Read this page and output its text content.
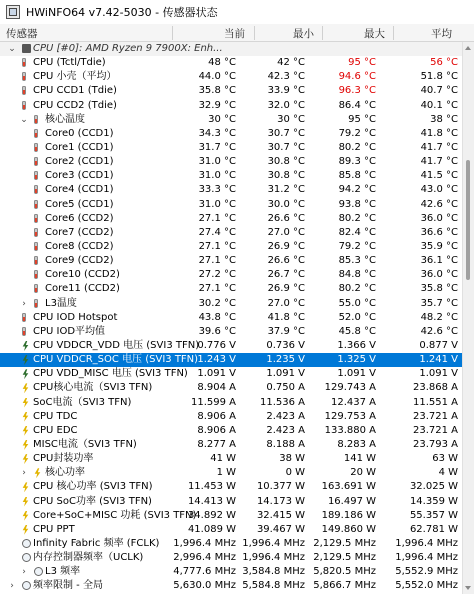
HWiNFO64 v7.42-5030 - 传感器状态
传感器	当前	最小	最大	平均
⌄ CPU [#0]: AMD Ryzen 9 7900X: Enh...
CPU (Tctl/Tdie)	48 °C	42 °C	95 °C	56 °C
CPU 小壳（平均）	44.0 °C	42.3 °C	94.6 °C	51.8 °C
CPU CCD1 (Tdie)	35.8 °C	33.9 °C	96.3 °C	40.7 °C
CPU CCD2 (Tdie)	32.9 °C	32.0 °C	86.4 °C	40.1 °C
⌄ 核心温度	30 °C	30 °C	95 °C	38 °C
Core0 (CCD1)	34.3 °C	30.7 °C	79.2 °C	41.8 °C
Core1 (CCD1)	31.7 °C	30.7 °C	80.2 °C	41.7 °C
Core2 (CCD1)	31.0 °C	30.8 °C	89.3 °C	41.7 °C
Core3 (CCD1)	31.0 °C	30.8 °C	85.8 °C	41.5 °C
Core4 (CCD1)	33.3 °C	31.2 °C	94.2 °C	43.0 °C
Core5 (CCD1)	31.0 °C	30.0 °C	93.8 °C	42.6 °C
Core6 (CCD2)	27.1 °C	26.6 °C	80.2 °C	36.0 °C
Core7 (CCD2)	27.4 °C	27.0 °C	82.4 °C	36.6 °C
Core8 (CCD2)	27.1 °C	26.9 °C	79.2 °C	35.9 °C
Core9 (CCD2)	27.1 °C	26.6 °C	85.3 °C	36.1 °C
Core10 (CCD2)	27.2 °C	26.7 °C	84.8 °C	36.0 °C
Core11 (CCD2)	27.1 °C	26.9 °C	80.2 °C	35.8 °C
› L3温度	30.2 °C	27.0 °C	55.0 °C	35.7 °C
CPU IOD Hotspot	43.8 °C	41.8 °C	52.0 °C	48.2 °C
CPU IOD平均值	39.6 °C	37.9 °C	45.8 °C	42.6 °C
CPU VDDCR_VDD 电压 (SVI3 TFN)
0.776 V	0.736 V	1.366 V	0.877 V
CPU VDDCR_SOC 电压 (SVI3 TFN) 1.243 V	1.235 V	1.325 V	1.241 V
CPU VDD_MISC 电压 (SVI3 TFN) 1.091 V	1.091 V	1.091 V	1.091 V
CPU核心电流（SVI3 TFN)	8.904 A	0.750 A 129.743 A	23.868 A
SoC电流（SVI3 TFN)	11.599 A 11.536 A	12.437 A	11.551 A
CPU TDC	8.906 A	2.423 A 129.753 A	23.721 A
CPU EDC	8.906 A	2.423 A 133.880 A	23.721 A
MISC电流（SVI3 TFN)	8.277 A	8.188 A	8.283 A	23.793 A
CPU封装功率	41 W	38 W	141 W	63 W
› 核心功率	1 W	0 W	20 W	4 W
CPU 核心功率 (SVI3 TFN)	11.453 W 10.377 W 163.691 W	32.025 W
CPU SoC功率 (SVI3 TFN)	14.413 W 14.173 W 16.497 W	14.359 W
Core+SoC+MISC 功耗 (SVI3 TFN)
34.892 W 32.415 W 189.186 W	55.357 W
CPU PPT	41.089 W 39.467 W 149.860 W	62.781 W
Infinity Fabric 频率 (FCLK) 1,996.4 MHz 1,996.4 MHz 2,129.5 MHz 1,996.4 MHz
内存控制器频率（UCLK)	2,996.4 MHz 1,996.4 MHz 2,129.5 MHz 1,996.4 MHz
› L3 频率	4,777.6 MHz 3,584.8 MHz 5,820.5 MHz 5,552.9 MHz
› 频率限制 - 全局	5,630.0 MHz 5,584.8 MHz 5,866.7 MHz 5,552.0 MHz
